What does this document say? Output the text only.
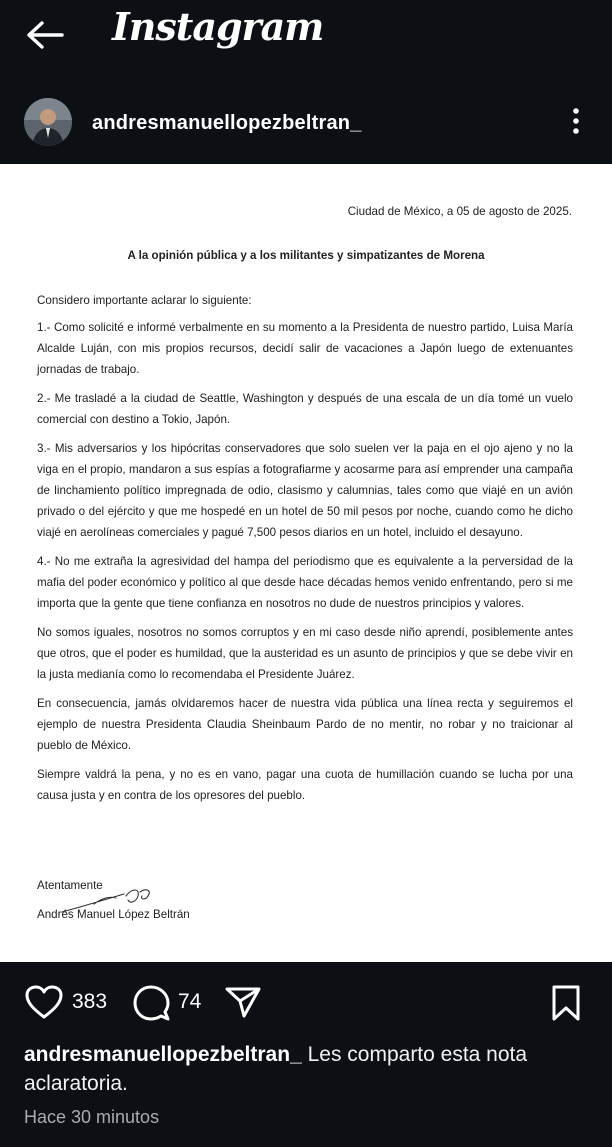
Instagram
andresmanuellopezbeltran_
Ciudad de México, a 05 de agosto de 2025.
A la opinión pública y a los militantes y simpatizantes de Morena

Considero importante aclarar lo siguiente:

1.- Como solicité e informé verbalmente en su momento a la Presidenta de nuestro partido, Luisa María Alcalde Luján, con mis propios recursos, decidí salir de vacaciones a Japón luego de extenuantes jornadas de trabajo.

2.- Me trasladé a la ciudad de Seattle, Washington y después de una escala de un día tomé un vuelo comercial con destino a Tokio, Japón.

3.- Mis adversarios y los hipócritas conservadores que solo suelen ver la paja en el ojo ajeno y no la viga en el propio, mandaron a sus espías a fotografiarme y acosarme para así emprender una campaña de linchamiento político impregnada de odio, clasismo y calumnias, tales como que viajé en un avión privado o del ejército y que me hospedé en un hotel de 50 mil pesos por noche, cuando como he dicho viajé en aerolíneas comerciales y pagué 7,500 pesos diarios en un hotel, incluido el desayuno.

4.- No me extraña la agresividad del hampa del periodismo que es equivalente a la perversidad de la mafia del poder económico y político al que desde hace décadas hemos venido enfrentando, pero si me importa que la gente que tiene confianza en nosotros no dude de nuestros principios y valores.

No somos iguales, nosotros no somos corruptos y en mi caso desde niño aprendí, posiblemente antes que otros, que el poder es humildad, que la austeridad es un asunto de principios y que se debe vivir en la justa medianía como lo recomendaba el Presidente Juárez.

En consecuencia, jamás olvidaremos hacer de nuestra vida pública una línea recta y seguiremos el ejemplo de nuestra Presidenta Claudia Sheinbaum Pardo de no mentir, no robar y no traicionar al pueblo de México.

Siempre valdrá la pena, y no es en vano, pagar una cuota de humillación cuando se lucha por una causa justa y en contra de los opresores del pueblo.

Atentamente
Andrés Manuel López Beltrán
383	74
andresmanuellopezbeltran_ Les comparto esta nota aclaratoria.
Hace 30 minutos
